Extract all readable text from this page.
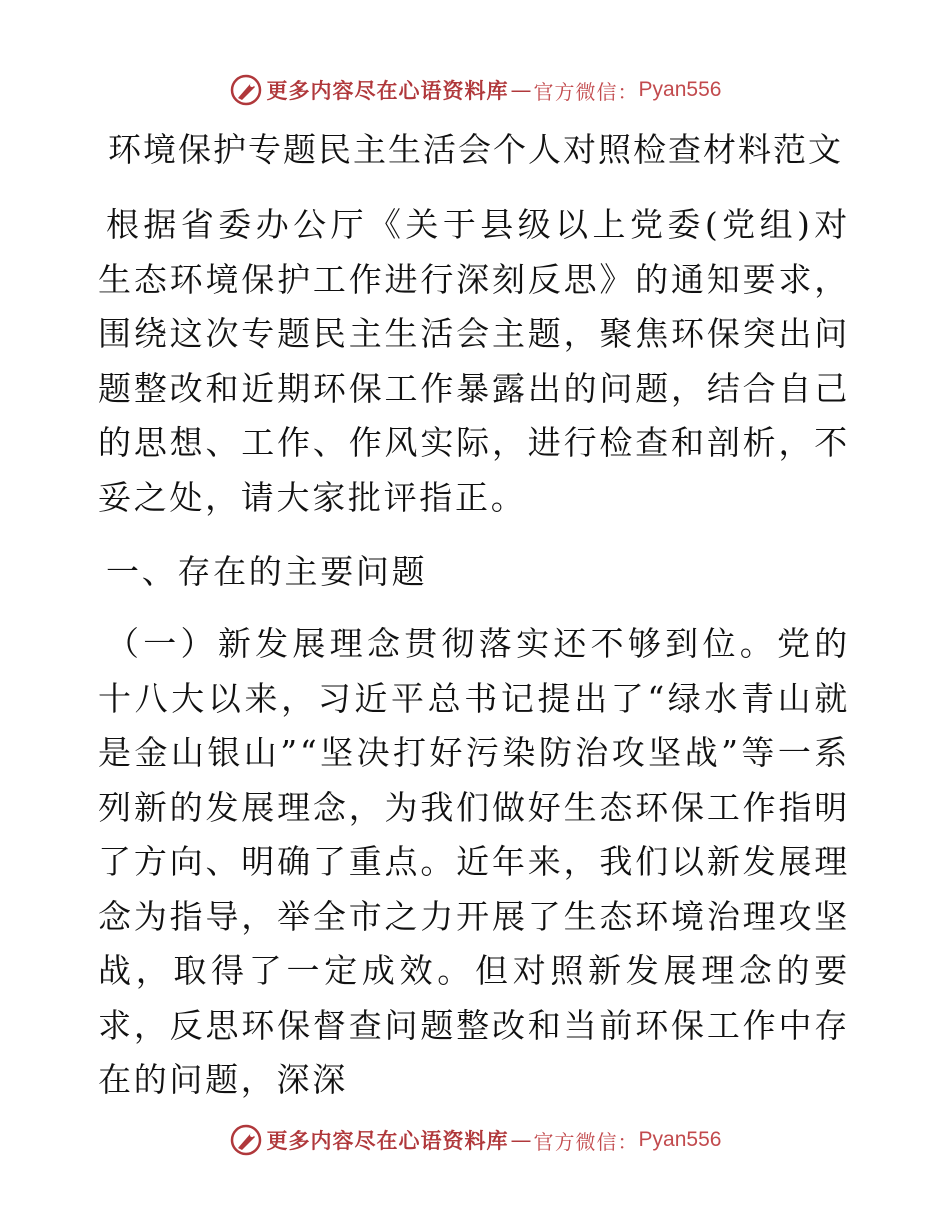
更多内容尽在心语资料库 — 官方微信： Pyan556
环境保护专题民主生活会个人对照检查材料范文

根据省委办公厅《关于县级以上党委(党组)对生态环境保护工作进行深刻反思》的通知要求，围绕这次专题民主生活会主题，聚焦环保突出问题整改和近期环保工作暴露出的问题，结合自己的思想、工作、作风实际，进行检查和剖析，不妥之处，请大家批评指正。

一、存在的主要问题

（一）新发展理念贯彻落实还不够到位。党的十八大以来，习近平总书记提出了“绿水青山就是金山银山”“坚决打好污染防治攻坚战”等一系列新的发展理念，为我们做好生态环保工作指明了方向、明确了重点。近年来，我们以新发展理念为指导，举全市之力开展了生态环境治理攻坚战，取得了一定成效。但对照新发展理念的要求，反思环保督查问题整改和当前环保工作中存在的问题，深深

更多内容尽在心语资料库 — 官方微信： Pyan556
